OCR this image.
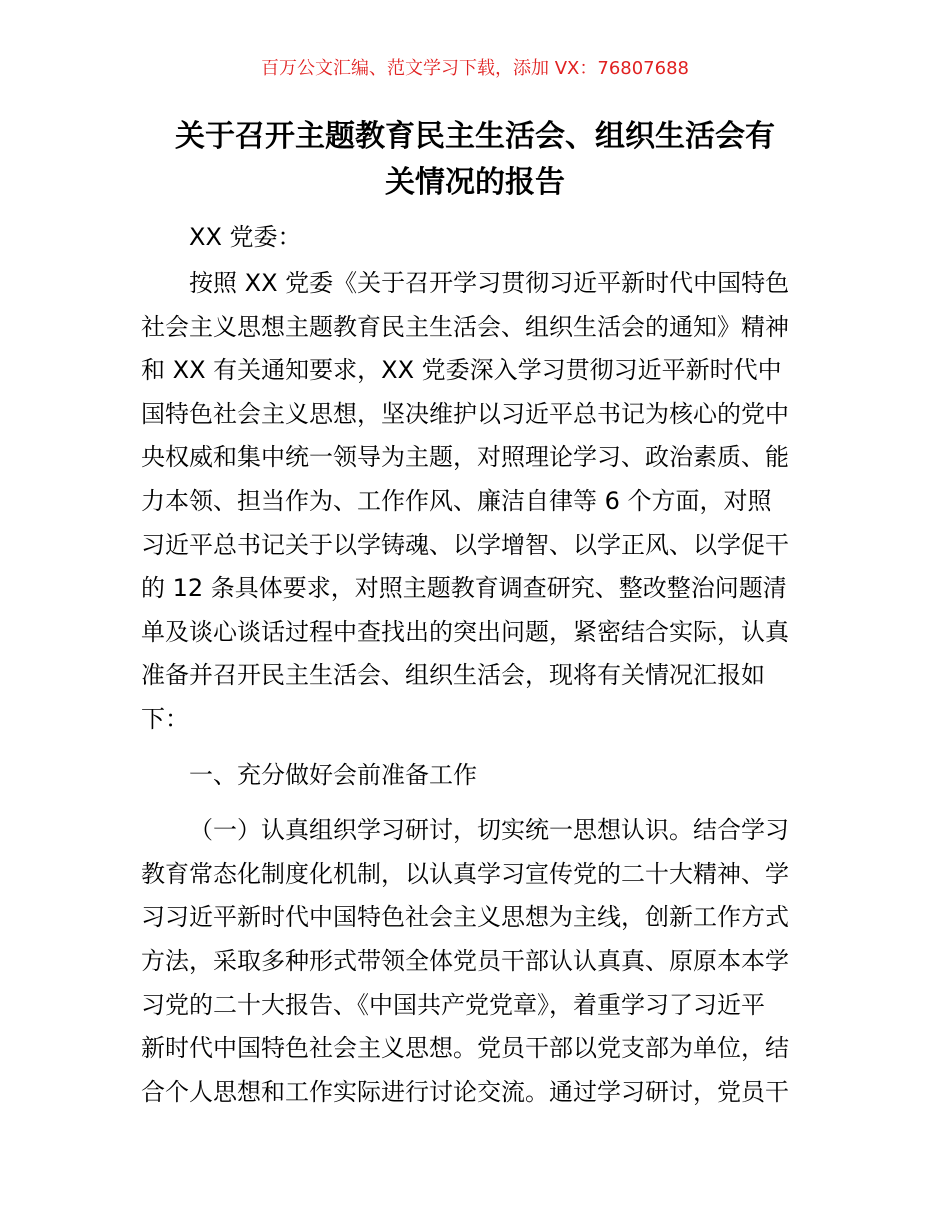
百万公文汇编、范文学习下载，添加 VX：76807688
关于召开主题教育民主生活会、组织生活会有
关情况的报告

XX 党委：

按照 XX 党委《关于召开学习贯彻习近平新时代中国特色
社会主义思想主题教育民主生活会、组织生活会的通知》精神
和 XX 有关通知要求，XX 党委深入学习贯彻习近平新时代中
国特色社会主义思想，坚决维护以习近平总书记为核心的党中
央权威和集中统一领导为主题，对照理论学习、政治素质、能
力本领、担当作为、工作作风、廉洁自律等 6 个方面，对照
习近平总书记关于以学铸魂、以学增智、以学正风、以学促干
的 12 条具体要求，对照主题教育调查研究、整改整治问题清
单及谈心谈话过程中查找出的突出问题，紧密结合实际，认真
准备并召开民主生活会、组织生活会，现将有关情况汇报如
下：
一、充分做好会前准备工作
（一）认真组织学习研讨，切实统一思想认识。结合学习
教育常态化制度化机制，以认真学习宣传党的二十大精神、学
习习近平新时代中国特色社会主义思想为主线，创新工作方式
方法，采取多种形式带领全体党员干部认认真真、原原本本学
习党的二十大报告、《中国共产党党章》，着重学习了习近平
新时代中国特色社会主义思想。党员干部以党支部为单位，结
合个人思想和工作实际进行讨论交流。通过学习研讨，党员干
